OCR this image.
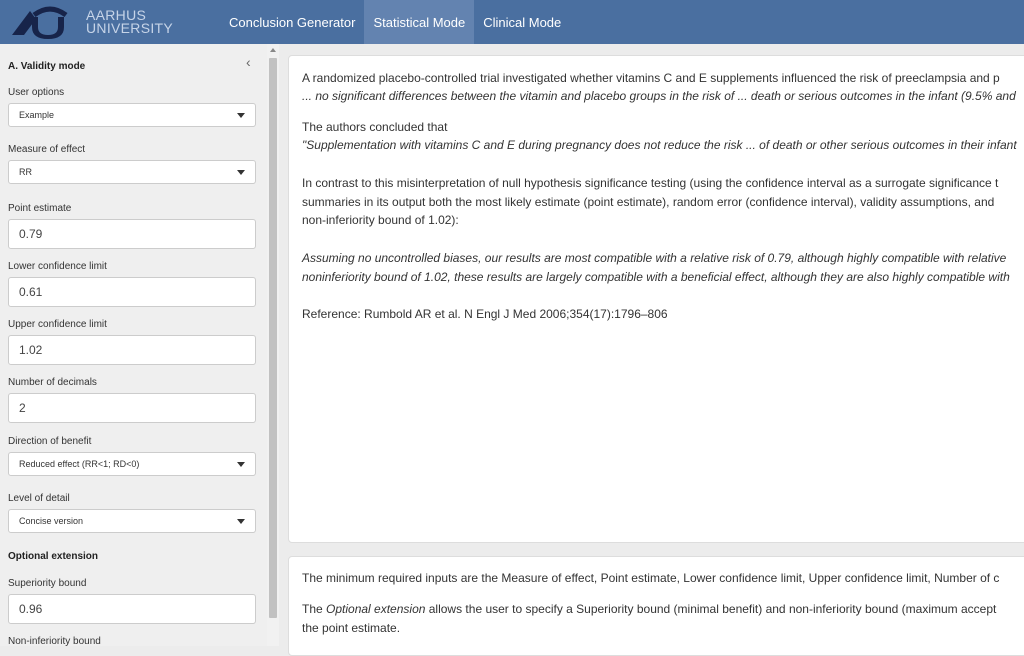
AARHUS
UNIVERSITY	Conclusion Generator	Statistical Mode	Clinical Mode
‹
A. Validity mode
User options
Example
Measure of effect
RR
Point estimate
0.79
Lower confidence limit
0.61
Upper confidence limit
1.02
Number of decimals
2
Direction of benefit
Reduced effect (RR<1; RD<0)
Level of detail
Concise version
Optional extension
Superiority bound
0.96
Non-inferiority bound
A randomized placebo-controlled trial investigated whether vitamins C and E supplements influenced the risk of preeclampsia and p
... no significant differences between the vitamin and placebo groups in the risk of ... death or serious outcomes in the infant (9.5% and
The authors concluded that
"Supplementation with vitamins C and E during pregnancy does not reduce the risk ... of death or other serious outcomes in their infant
In contrast to this misinterpretation of null hypothesis significance testing (using the confidence interval as a surrogate significance t
summaries in its output both the most likely estimate (point estimate), random error (confidence interval), validity assumptions, and
non-inferiority bound of 1.02):
Assuming no uncontrolled biases, our results are most compatible with a relative risk of 0.79, although highly compatible with relative
noninferiority bound of 1.02, these results are largely compatible with a beneficial effect, although they are also highly compatible with
Reference: Rumbold AR et al. N Engl J Med 2006;354(17):1796–806
The minimum required inputs are the Measure of effect, Point estimate, Lower confidence limit, Upper confidence limit, Number of c
The Optional extension allows the user to specify a Superiority bound (minimal benefit) and non-inferiority bound (maximum accept
the point estimate.
